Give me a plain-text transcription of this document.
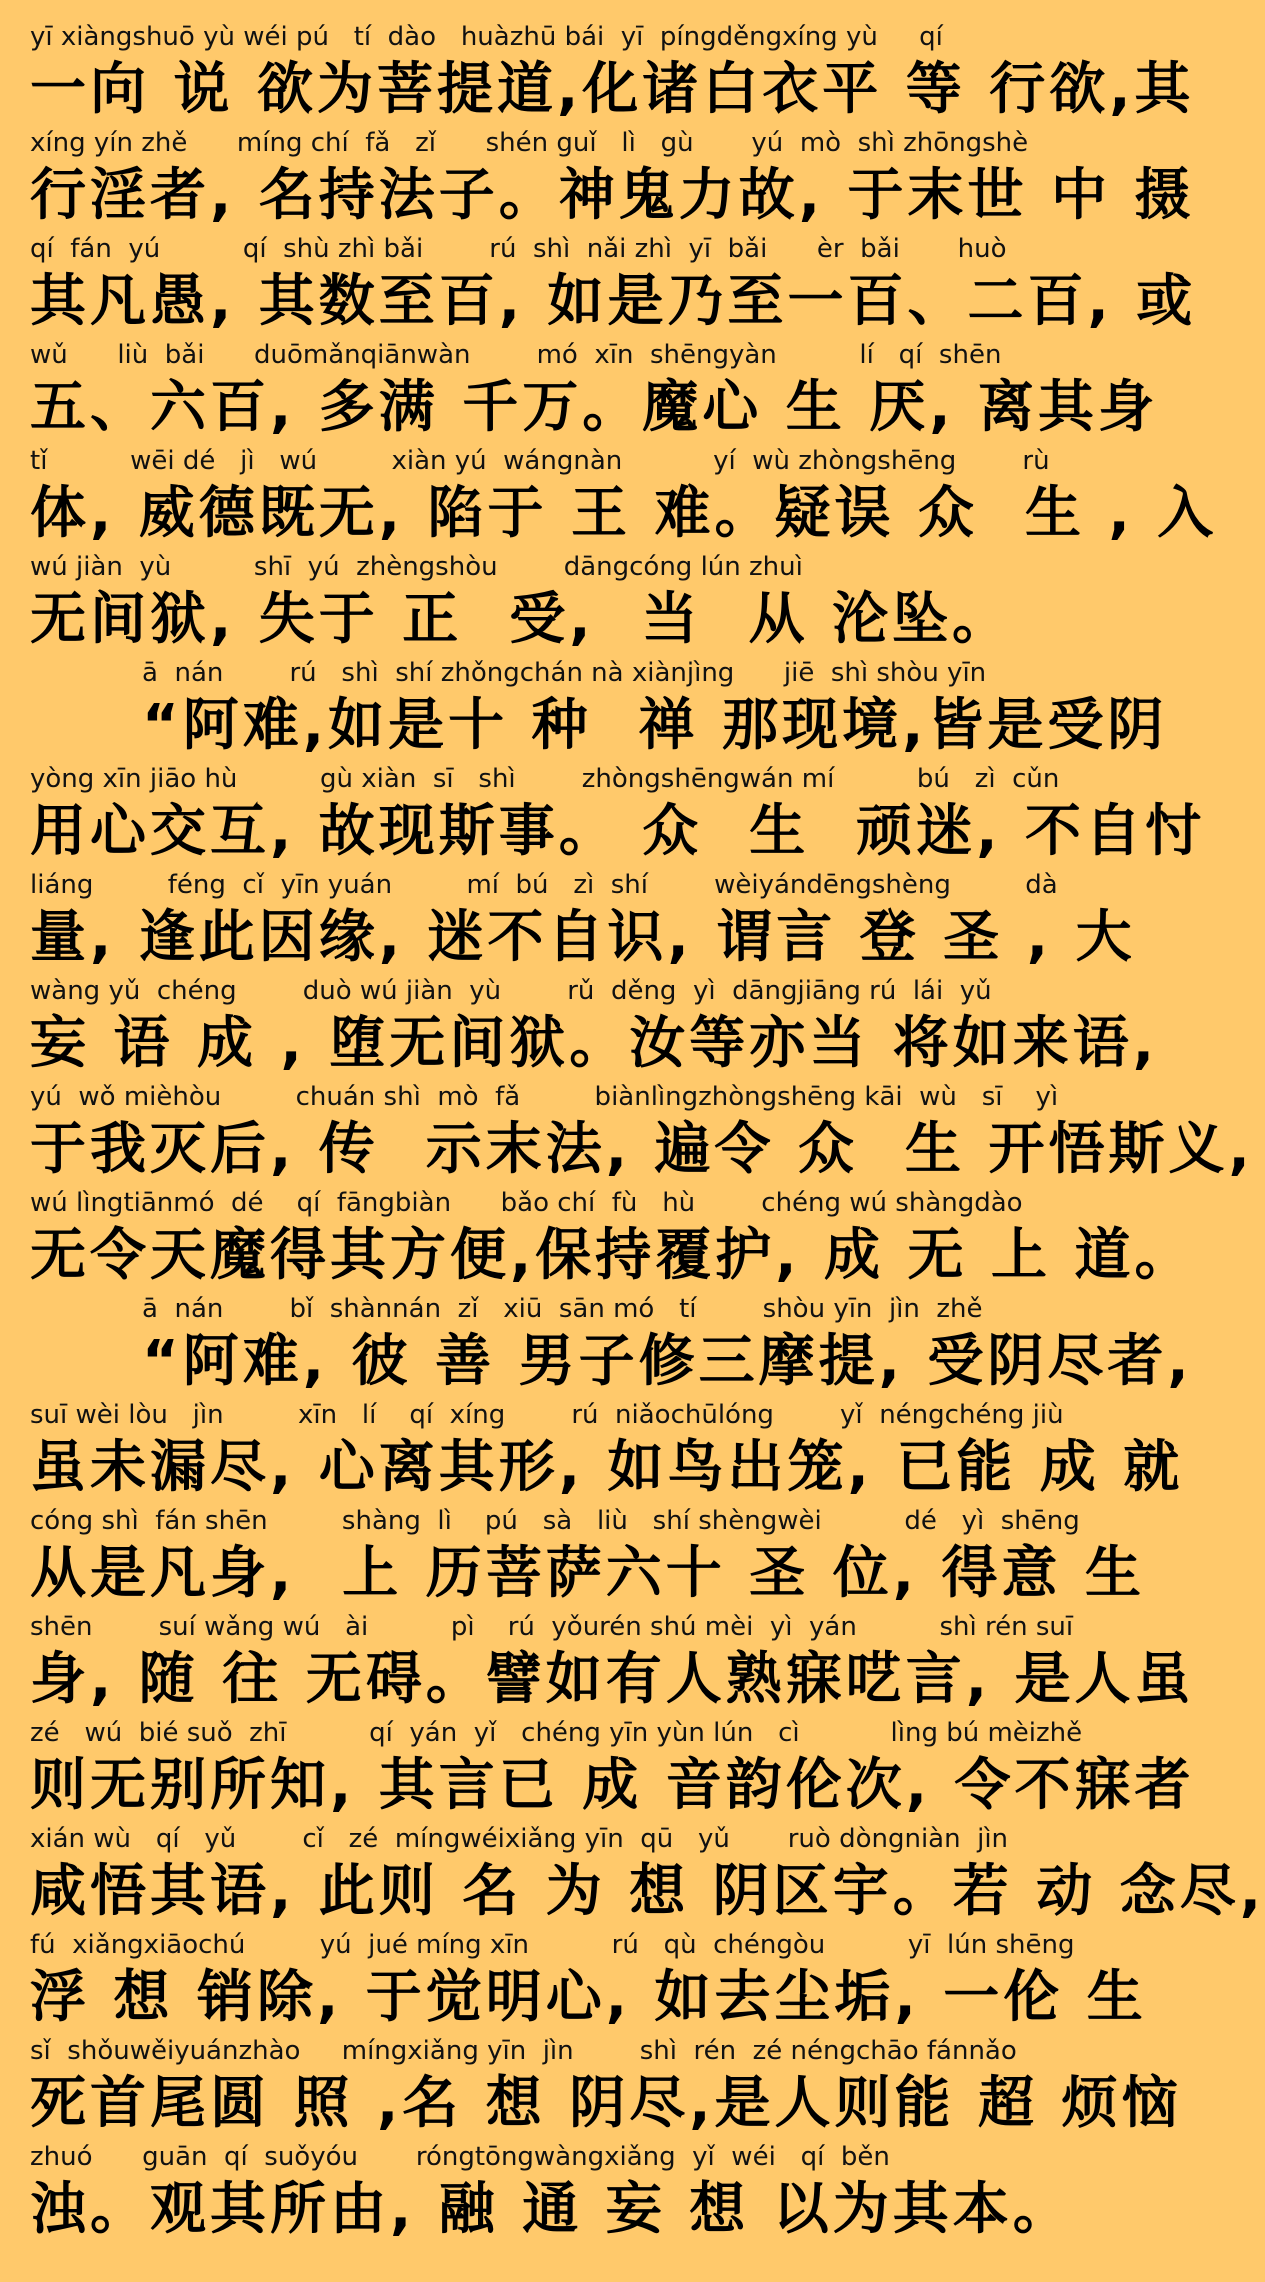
yī xiàngshuō yù wéi pú   tí  dào   huàzhū bái  yī  píngděngxíng yù     qí
一向 说 欲为菩提道,化诸白衣平 等 行欲,其
xíng yín zhě      míng chí  fǎ   zǐ      shén guǐ   lì   gù       yú  mò  shì zhōngshè
行淫者, 名持法子。神鬼力故, 于末世 中 摄
qí  fán  yú          qí  shù zhì bǎi        rú  shì  nǎi zhì  yī  bǎi      èr  bǎi       huò
其凡愚, 其数至百, 如是乃至一百、二百, 或
wǔ      liù  bǎi      duōmǎnqiānwàn        mó  xīn  shēngyàn          lí   qí  shēn
五、六百, 多满 千万。魔心 生 厌, 离其身
tǐ          wēi dé   jì   wú         xiàn yú  wángnàn           yí  wù zhòngshēng        rù
体, 威德既无, 陷于 王 难。疑误 众  生 , 入
wú jiàn  yù          shī  yú  zhèngshòu        dāngcóng lún zhuì
无间狱, 失于 正  受,  当  从 沦坠。
ā  nán        rú   shì  shí zhǒngchán nà xiànjìng      jiē  shì shòu yīn
“阿难,如是十 种  禅 那现境,皆是受阴
yòng xīn jiāo hù          gù xiàn  sī   shì        zhòngshēngwán mí          bú   zì  cǔn
用心交互, 故现斯事。 众  生  顽迷, 不自忖
liáng         féng  cǐ  yīn yuán         mí  bú   zì  shí        wèiyándēngshèng         dà
量, 逢此因缘, 迷不自识, 谓言 登 圣 , 大
wàng yǔ  chéng        duò wú jiàn  yù        rǔ  děng  yì  dāngjiāng rú  lái  yǔ
妄 语 成 , 堕无间狱。汝等亦当 将如来语,
yú  wǒ mièhòu         chuán shì  mò  fǎ         biànlìngzhòngshēng kāi  wù   sī    yì
于我灭后, 传  示末法, 遍令 众  生 开悟斯义,
wú lìngtiānmó  dé    qí  fāngbiàn      bǎo chí  fù   hù        chéng wú shàngdào
无令天魔得其方便,保持覆护, 成 无 上 道。
ā  nán        bǐ  shànnán  zǐ   xiū  sān mó   tí        shòu yīn  jìn  zhě
“阿难, 彼 善 男子修三摩提, 受阴尽者,
suī wèi lòu   jìn         xīn   lí    qí  xíng        rú  niǎochūlóng        yǐ  néngchéng jiù
虽未漏尽, 心离其形, 如鸟出笼, 已能 成 就
cóng shì  fán shēn         shàng  lì    pú   sà   liù   shí shèngwèi          dé   yì  shēng
从是凡身,  上 历菩萨六十 圣 位, 得意 生
shēn        suí wǎng wú   ài          pì    rú  yǒurén shú mèi  yì  yán          shì rén suī
身, 随 往 无碍。譬如有人熟寐呓言, 是人虽
zé   wú  bié suǒ  zhī          qí  yán  yǐ   chéng yīn yùn lún   cì           lìng bú mèizhě
则无别所知, 其言已 成 音韵伦次, 令不寐者
xián wù   qí   yǔ        cǐ   zé  míngwéixiǎng yīn  qū   yǔ       ruò dòngniàn  jìn
咸悟其语, 此则 名 为 想 阴区宇。若 动 念尽,
fú  xiǎngxiāochú         yú  jué míng xīn          rú   qù  chéngòu          yī  lún shēng
浮 想 销除, 于觉明心, 如去尘垢, 一伦 生
sǐ  shǒuwěiyuánzhào     míngxiǎng yīn  jìn        shì  rén  zé néngchāo fánnǎo
死首尾圆 照 ,名 想 阴尽,是人则能 超 烦恼
zhuó      guān  qí  suǒyóu       róngtōngwàngxiǎng  yǐ  wéi   qí  běn
浊。观其所由, 融 通 妄 想 以为其本。
